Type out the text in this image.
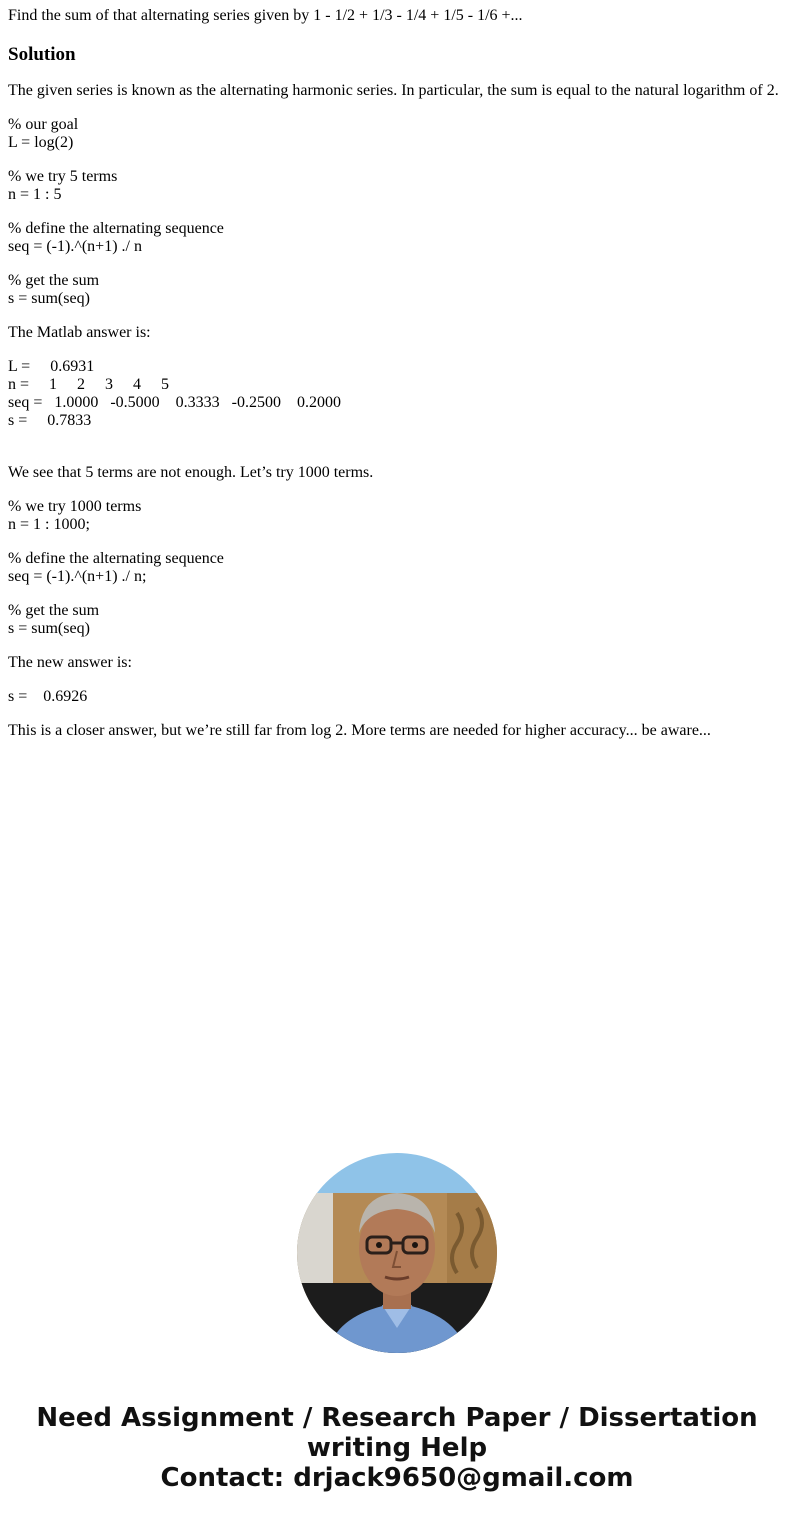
Find the sum of that alternating series given by 1 - 1/2 + 1/3 - 1/4 + 1/5 - 1/6 +...
Solution

The given series is known as the alternating harmonic series. In particular, the sum is equal to the natural logarithm of 2.

% our goal
L = log(2)

% we try 5 terms
n = 1 : 5

% define the alternating sequence
seq = (-1).^(n+1) ./ n

% get the sum
s = sum(seq)

The Matlab answer is:

L =     0.6931
n =     1     2     3     4     5
seq =   1.0000   -0.5000    0.3333   -0.2500    0.2000
s =     0.7833

We see that 5 terms are not enough. Let’s try 1000 terms.

% we try 1000 terms
n = 1 : 1000;

% define the alternating sequence
seq = (-1).^(n+1) ./ n;

% get the sum
s = sum(seq)

The new answer is:

s =    0.6926

This is a closer answer, but we’re still far from log 2. More terms are needed for higher accuracy... be aware...

Need Assignment / Research Paper / Dissertation
writing Help
Contact: drjack9650@gmail.com
